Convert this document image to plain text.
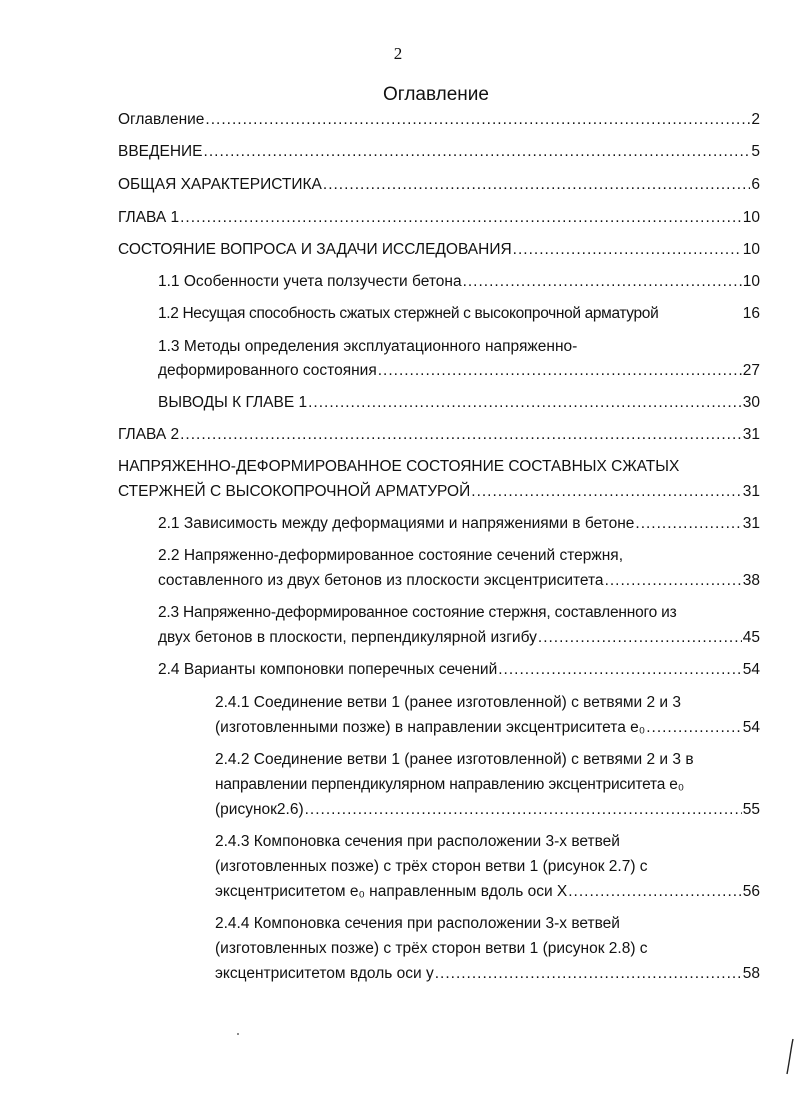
2
Оглавление
Оглавление .....	2
ВВЕДЕНИЕ .....	5
ОБЩАЯ ХАРАКТЕРИСТИКА .....	6
ГЛАВА 1 .....	10
СОСТОЯНИЕ ВОПРОСА И ЗАДАЧИ ИССЛЕДОВАНИЯ .....	10
1.1 Особенности учета ползучести бетона .....	10
1.2 Несущая способность сжатых стержней с высокопрочной арматурой	16
1.3 Методы определения эксплуатационного напряженно-
деформированного состояния .....	27
ВЫВОДЫ К ГЛАВЕ 1 .....	30
ГЛАВА 2 .....	31
НАПРЯЖЕННО-ДЕФОРМИРОВАННОЕ СОСТОЯНИЕ СОСТАВНЫХ СЖАТЫХ
СТЕРЖНЕЙ С ВЫСОКОПРОЧНОЙ АРМАТУРОЙ .....	31
2.1 Зависимость между деформациями и напряжениями в бетоне .....	31
2.2 Напряженно-деформированное состояние сечений стержня,
составленного из двух бетонов из плоскости эксцентриситета .....	38
2.3 Напряженно-деформированное состояние стержня, составленного из
двух бетонов в плоскости, перпендикулярной изгибу .....	45
2.4 Варианты компоновки поперечных сечений .....	54
2.4.1 Соединение ветви 1 (ранее изготовленной) с ветвями 2 и 3
(изготовленными позже) в направлении эксцентриситета e₀ .....	54
2.4.2 Соединение ветви 1 (ранее изготовленной) с ветвями 2 и 3 в
направлении перпендикулярном направлению эксцентриситета e₀
(рисунок2.6) .....	55
2.4.3 Компоновка сечения при расположении 3-х ветвей
(изготовленных позже) с трёх сторон ветви 1 (рисунок 2.7) с
эксцентриситетом e₀ направленным вдоль оси X .....	56
2.4.4 Компоновка сечения при расположении 3-х ветвей
(изготовленных позже) с трёх сторон ветви 1 (рисунок 2.8) с
эксцентриситетом вдоль оси у .....	58
